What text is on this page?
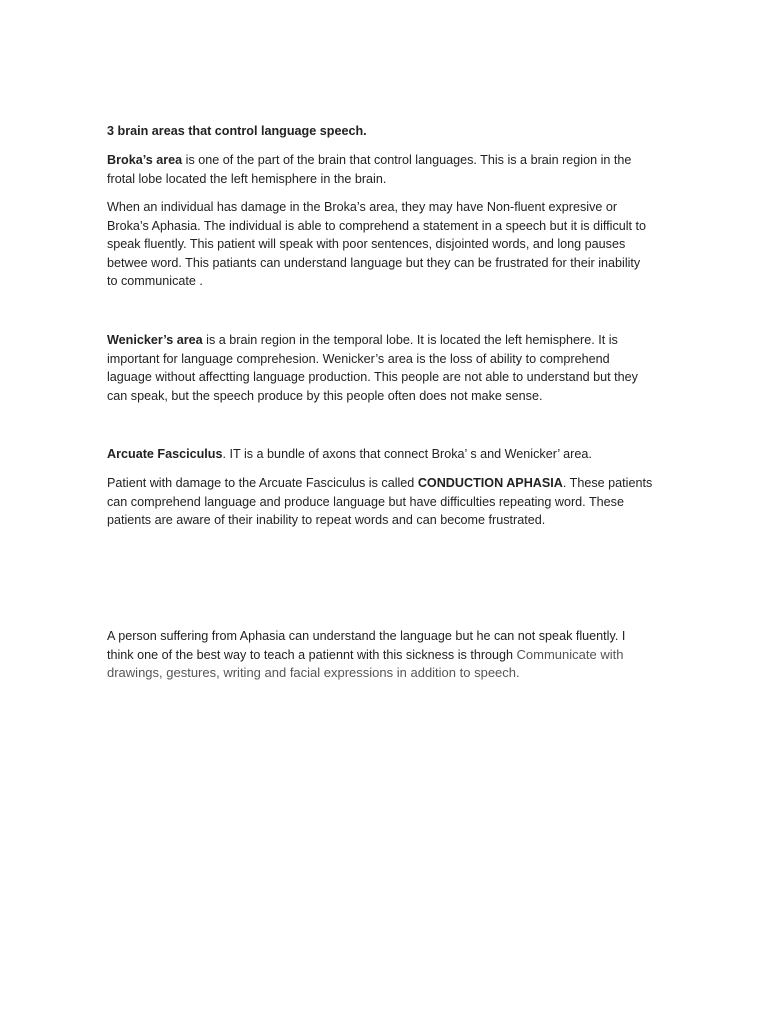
3 brain areas that control language speech.

Broka’s area is one of the part of the brain that control languages. This is a brain region in the
frotal lobe located the left hemisphere in the brain.

When an individual has damage in the Broka’s area, they may have Non-fluent expresive or
Broka’s Aphasia. The individual is able to comprehend a statement in a speech but it is difficult to
speak fluently. This patient will speak with poor sentences, disjointed words, and long pauses
betwee word. This patiants can understand language but they can be frustrated for their inability
to communicate .

Wenicker’s area is a brain region in the temporal lobe. It is located the left hemisphere. It is
important for language comprehesion. Wenicker’s area is the loss of ability to comprehend
laguage without affectting language production. This people are not able to understand but they
can speak, but the speech produce by this people often does not make sense.

Arcuate Fasciculus. IT is a bundle of axons that connect Broka’ s and Wenicker’ area.

Patient with damage to the Arcuate Fasciculus is called CONDUCTION APHASIA. These patients
can comprehend language and produce language but have difficulties repeating word. These
patients are aware of their inability to repeat words and can become frustrated.

A person suffering from Aphasia can understand the language but he can not speak fluently. I
think one of the best way to teach a patiennt with this sickness is through Communicate with
drawings, gestures, writing and facial expressions in addition to speech.
